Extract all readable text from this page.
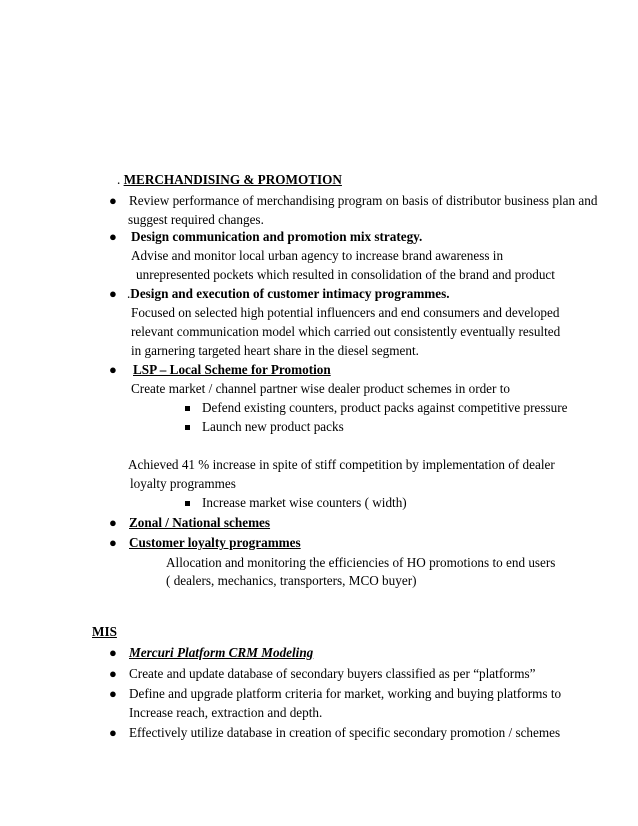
. MERCHANDISING & PROMOTION
● Review performance of merchandising program on basis of distributor business plan and
suggest required changes.
● Design communication and promotion mix strategy.
Advise and monitor local urban agency to increase brand awareness in
unrepresented pockets which resulted in consolidation of the brand and product
● .Design and execution of customer intimacy programmes.
Focused on selected high potential influencers and end consumers and developed
relevant communication model which carried out consistently eventually resulted
in garnering targeted heart share in the diesel segment.
● LSP – Local Scheme for Promotion
Create market / channel partner wise dealer product schemes in order to
Defend existing counters, product packs against competitive pressure
Launch new product packs
Achieved 41 % increase in spite of stiff competition by implementation of dealer
loyalty programmes
Increase market wise counters ( width)
● Zonal / National schemes
● Customer loyalty programmes
Allocation and monitoring the efficiencies of HO promotions to end users
( dealers, mechanics, transporters, MCO buyer)
MIS
● Mercuri Platform CRM Modeling
● Create and update database of secondary buyers classified as per “platforms”
● Define and upgrade platform criteria for market, working and buying platforms to
Increase reach, extraction and depth.
● Effectively utilize database in creation of specific secondary promotion / schemes
